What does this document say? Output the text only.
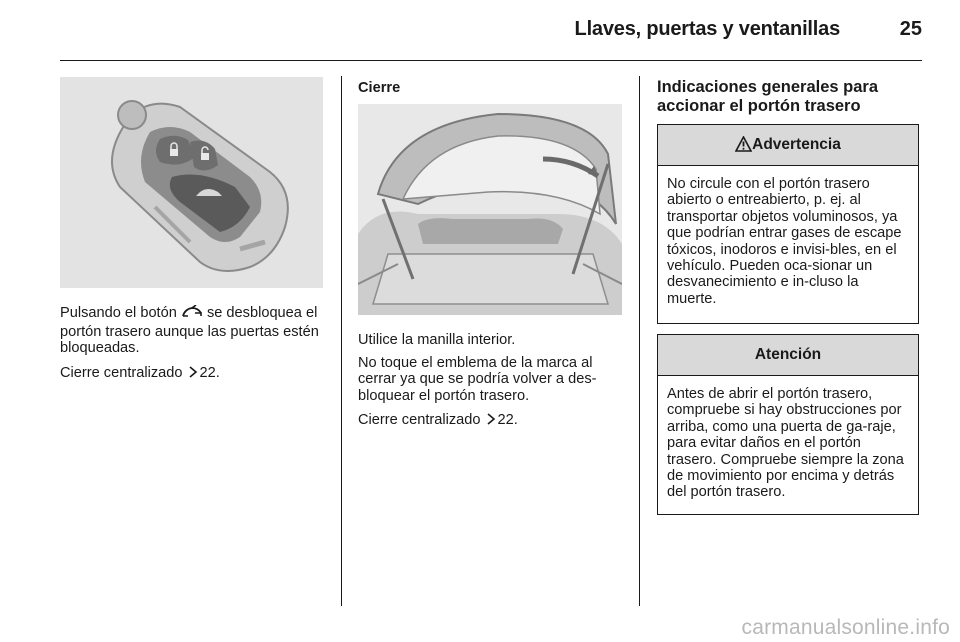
Llaves, puertas y ventanillas	25

Pulsando el botón se desbloquea el portón trasero aunque las puertas estén bloqueadas.

Cierre centralizado 22.

Cierre

Utilice la manilla interior.

No toque el emblema de la marca al cerrar ya que se podría volver a des-bloquear el portón trasero.

Cierre centralizado 22.

Indicaciones generales para accionar el portón trasero

Advertencia
No circule con el portón trasero abierto o entreabierto, p. ej. al transportar objetos voluminosos, ya que podrían entrar gases de escape tóxicos, inodoros e invisi-bles, en el vehículo. Pueden oca-sionar un desvanecimiento e in-cluso la muerte.
Atención
Antes de abrir el portón trasero, compruebe si hay obstrucciones por arriba, como una puerta de ga-raje, para evitar daños en el portón trasero. Compruebe siempre la zona de movimiento por encima y detrás del portón trasero.
carmanualsonline.info
